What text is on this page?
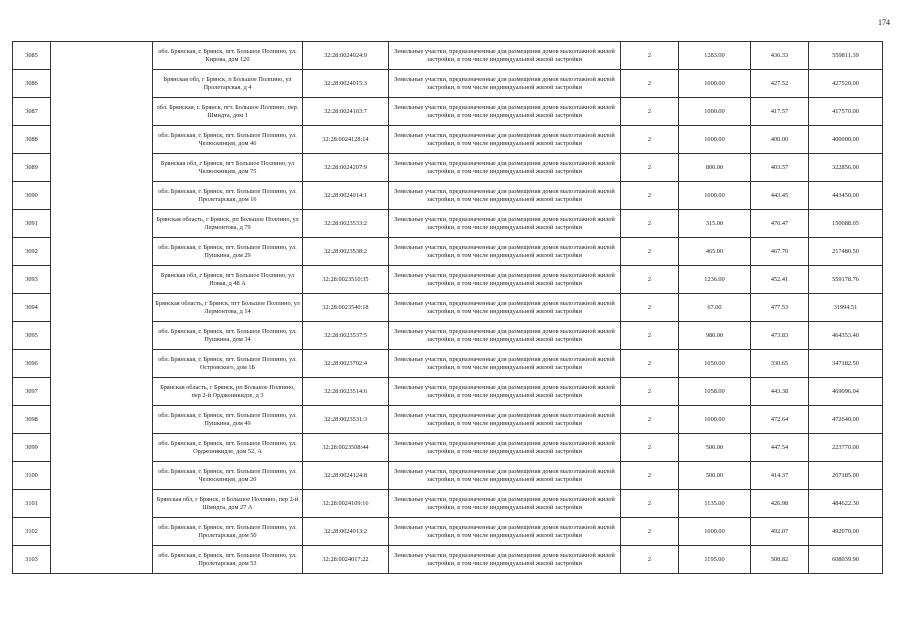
174
3085		обл. Брянская, г. Брянск, пгт. Большое Полпино, ул. Кирова, дом 120	32:28:0024024:9	Земельные участки, предназначенные для размещения домов малоэтажной жилой застройки, в том числе индивидуальной жилой застройки	2	1283.00	436.33	559811.39
3086		Брянская обл, г Брянск, п Большое Полпино, ул Пролетарская, д 4	32:28:0024015:3	Земельные участки, предназначенные для размещения домов малоэтажной жилой застройки, в том числе индивидуальной жилой застройки	2	1000.00	427.52	427520.00
3087		обл. Брянская, г. Брянск, пгт. Большое Полпино, пер. Шмидта, дом 1	32:28:0024103:7	Земельные участки, предназначенные для размещения домов малоэтажной жилой застройки, в том числе индивидуальной жилой застройки	2	1000.00	417.57	417570.00
3088		обл. Брянская, г. Брянск, пгт. Большое Полпино, ул. Челюскинцев, дом 46	32:28:0024128:14	Земельные участки, предназначенные для размещения домов малоэтажной жилой застройки, в том числе индивидуальной жилой застройки	2	1000.00	400.00	400000.00
3089		Брянская обл, г Брянск, пгт Большое Полпино, ул Челюскинцев, дом 75	32:28:0024207:9	Земельные участки, предназначенные для размещения домов малоэтажной жилой застройки, в том числе индивидуальной жилой застройки	2	800.00	403.57	322856.00
3090		обл. Брянская, г. Брянск, пгт. Большое Полпино, ул. Пролетарская, дом 16	32:28:0024014:1	Земельные участки, предназначенные для размещения домов малоэтажной жилой застройки, в том числе индивидуальной жилой застройки	2	1000.00	443.45	443450.00
3091		Брянская область, г Брянск, рп Большое Полпино, ул Лермонтова, д 79	32:28:0023533:2	Земельные участки, предназначенные для размещения домов малоэтажной жилой застройки, в том числе индивидуальной жилой застройки	2	315.00	476.47	150088.05
3092		обл. Брянская, г. Брянск, пгт. Большое Полпино, ул. Пушкина, дом 29	32:28:0023538:2	Земельные участки, предназначенные для размещения домов малоэтажной жилой застройки, в том числе индивидуальной жилой застройки	2	465.00	467.70	217480.50
3093		Брянская обл, г Брянск, пгт Большое Полпино, ул Новая, д 48 А	32:28:0023510:35	Земельные участки, предназначенные для размещения домов малоэтажной жилой застройки, в том числе индивидуальной жилой застройки	2	1236.00	452.41	559178.76
3094		Брянская область, г Брянск, пгт Большое Полпино, ул Лермонтова, д 14	32:28:0023540:18	Земельные участки, предназначенные для размещения домов малоэтажной жилой застройки, в том числе индивидуальной жилой застройки	2	67.00	477.53	31994.51
3095		обл. Брянская, г. Брянск, пгт. Большое Полпино, ул. Пушкина, дом 34	32:28:0023537:5	Земельные участки, предназначенные для размещения домов малоэтажной жилой застройки, в том числе индивидуальной жилой застройки	2	980.00	473.83	464353.40
3096		обл. Брянская, г. Брянск, пгт. Большое Полпино, ул. Островского, дом 1Б	32:28:0023702:4	Земельные участки, предназначенные для размещения домов малоэтажной жилой застройки, в том числе индивидуальной жилой застройки	2	1050.00	330.65	347182.50
3097		Брянская область, г Брянск, рп Большое Полпино, пер 2-й Орджоникидзе, д 3	32:28:0023514:6	Земельные участки, предназначенные для размещения домов малоэтажной жилой застройки, в том числе индивидуальной жилой застройки	2	1058.00	443.38	469096.04
3098		обл. Брянская, г. Брянск, пгт. Большое Полпино, ул. Пушкина, дом 49	32:28:0023531:3	Земельные участки, предназначенные для размещения домов малоэтажной жилой застройки, в том числе индивидуальной жилой застройки	2	1000.00	472.64	472640.00
3099		обл. Брянская, г. Брянск, пгт. Большое Полпино, ул. Орджоникидзе, дом 52, А	32:28:0023508:44	Земельные участки, предназначенные для размещения домов малоэтажной жилой застройки, в том числе индивидуальной жилой застройки	2	500.00	447.54	223770.00
3100		обл. Брянская, г. Брянск, пгт. Большое Полпино, ул. Челюскинцев, дом 20	32:28:0024124:8	Земельные участки, предназначенные для размещения домов малоэтажной жилой застройки, в том числе индивидуальной жилой застройки	2	500.00	414.37	207185.00
3101		Брянская обл, г Брянск, п Большое Полпино, пер 2-й Шмидта, дом 27 А	32:28:0024109:16	Земельные участки, предназначенные для размещения домов малоэтажной жилой застройки, в том числе индивидуальной жилой застройки	2	1135.00	426.98	484622.30
3102		обл. Брянская, г. Брянск, пгт. Большое Полпино, ул. Пролетарская, дом 50	32:28:0024013:2	Земельные участки, предназначенные для размещения домов малоэтажной жилой застройки, в том числе индивидуальной жилой застройки	2	1000.00	492.07	492070.00
3103		обл. Брянская, г. Брянск, пгт. Большое Полпино, ул. Пролетарская, дом 53	32:28:0024017:22	Земельные участки, предназначенные для размещения домов малоэтажной жилой застройки, в том числе индивидуальной жилой застройки	2	1195.00	508.82	608039.90
